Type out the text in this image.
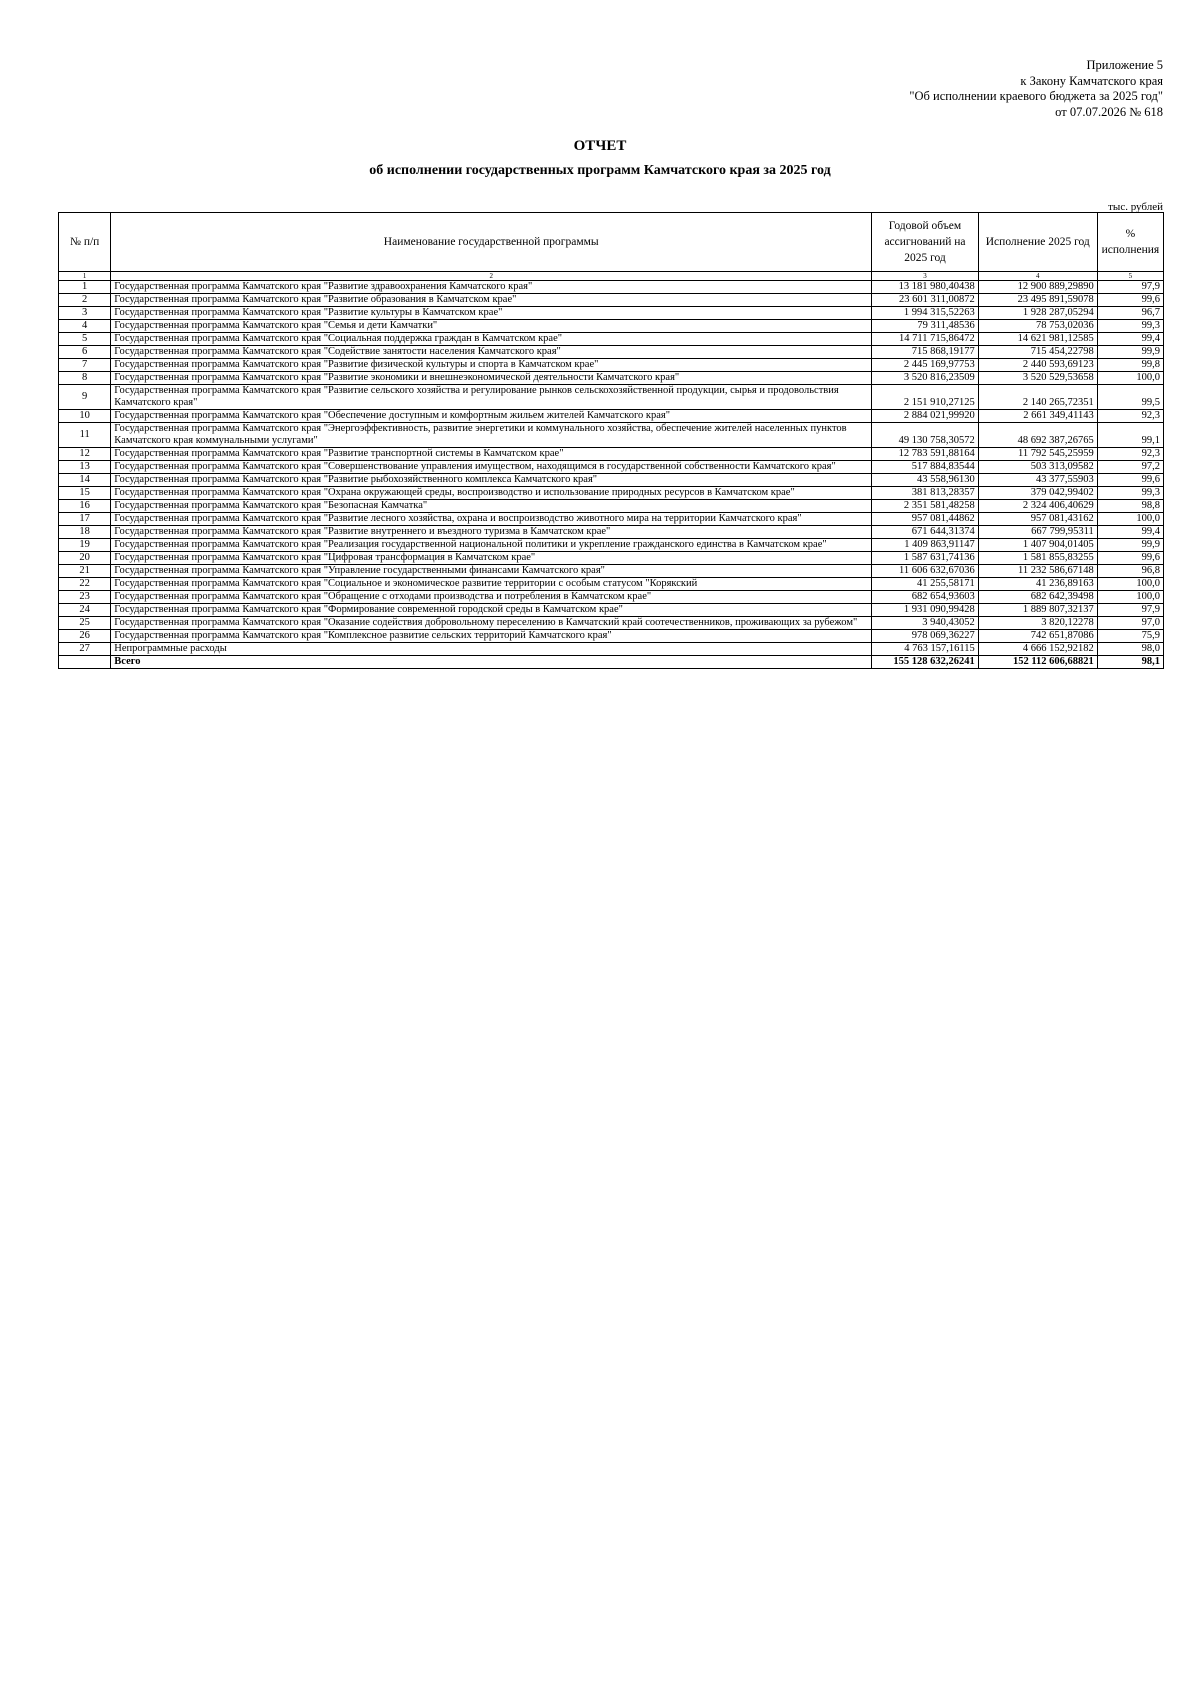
Приложение 5
к Закону Камчатского края
"Об исполнении краевого бюджета за 2025 год"
от 07.07.2026 № 618
ОТЧЕТ
об исполнении государственных программ Камчатского края за 2025 год
тыс. рублей
№ п/п	Наименование государственной программы	Годовой объем ассигнований на 2025 год	Исполнение 2025 год	% исполнения
1	2	3	4	5
1	Государственная программа Камчатского края "Развитие здравоохранения Камчатского края"	13 181 980,40438	12 900 889,29890	97,9
2	Государственная программа Камчатского края "Развитие образования в Камчатском крае"	23 601 311,00872	23 495 891,59078	99,6
3	Государственная программа Камчатского края "Развитие культуры в Камчатском крае"	1 994 315,52263	1 928 287,05294	96,7
4	Государственная программа Камчатского края "Семья и дети Камчатки"	79 311,48536	78 753,02036	99,3
5	Государственная программа Камчатского края "Социальная поддержка граждан в Камчатском крае"	14 711 715,86472	14 621 981,12585	99,4
6	Государственная программа Камчатского края "Содействие занятости населения Камчатского края"	715 868,19177	715 454,22798	99,9
7	Государственная программа Камчатского края "Развитие физической культуры и спорта в Камчатском крае"	2 445 169,97753	2 440 593,69123	99,8
8	Государственная программа Камчатского края "Развитие экономики и внешнеэкономической деятельности Камчатского края"	3 520 816,23509	3 520 529,53658	100,0
9	Государственная программа Камчатского края "Развитие сельского хозяйства и регулирование рынков сельскохозяйственной продукции, сырья и продовольствия Камчатского края"	2 151 910,27125	2 140 265,72351	99,5
10	Государственная программа Камчатского края "Обеспечение доступным и комфортным жильем жителей Камчатского края"	2 884 021,99920	2 661 349,41143	92,3
11	Государственная программа Камчатского края "Энергоэффективность, развитие энергетики и коммунального хозяйства, обеспечение жителей населенных пунктов Камчатского края коммунальными услугами"	49 130 758,30572	48 692 387,26765	99,1
12	Государственная программа Камчатского края "Развитие транспортной системы в Камчатском крае"	12 783 591,88164	11 792 545,25959	92,3
13	Государственная программа Камчатского края "Совершенствование управления имуществом, находящимся в государственной собственности Камчатского края"	517 884,83544	503 313,09582	97,2
14	Государственная программа Камчатского края "Развитие рыбохозяйственного комплекса Камчатского края"	43 558,96130	43 377,55903	99,6
15	Государственная программа Камчатского края "Охрана окружающей среды, воспроизводство и использование природных ресурсов в Камчатском крае"	381 813,28357	379 042,99402	99,3
16	Государственная программа Камчатского края "Безопасная Камчатка"	2 351 581,48258	2 324 406,40629	98,8
17	Государственная программа Камчатского края "Развитие лесного хозяйства, охрана и воспроизводство животного мира на территории Камчатского края"	957 081,44862	957 081,43162	100,0
18	Государственная программа Камчатского края "Развитие внутреннего и въездного туризма в Камчатском крае"	671 644,31374	667 799,95311	99,4
19	Государственная программа Камчатского края "Реализация государственной национальной политики и укрепление гражданского единства в Камчатском крае"	1 409 863,91147	1 407 904,01405	99,9
20	Государственная программа Камчатского края "Цифровая трансформация в Камчатском крае"	1 587 631,74136	1 581 855,83255	99,6
21	Государственная программа Камчатского края "Управление государственными финансами Камчатского края"	11 606 632,67036	11 232 586,67148	96,8
22	Государственная программа Камчатского края "Социальное и экономическое развитие территории с особым статусом "Корякский	41 255,58171	41 236,89163	100,0
23	Государственная программа Камчатского края "Обращение с отходами производства и потребления в Камчатском крае"	682 654,93603	682 642,39498	100,0
24	Государственная программа Камчатского края "Формирование современной городской среды в Камчатском крае"	1 931 090,99428	1 889 807,32137	97,9
25	Государственная программа Камчатского края "Оказание содействия добровольному переселению в Камчатский край соотечественников, проживающих за рубежом"	3 940,43052	3 820,12278	97,0
26	Государственная программа Камчатского края "Комплексное развитие сельских территорий Камчатского края"	978 069,36227	742 651,87086	75,9
27	Непрограммные расходы	4 763 157,16115	4 666 152,92182	98,0
	Всего	155 128 632,26241	152 112 606,68821	98,1
